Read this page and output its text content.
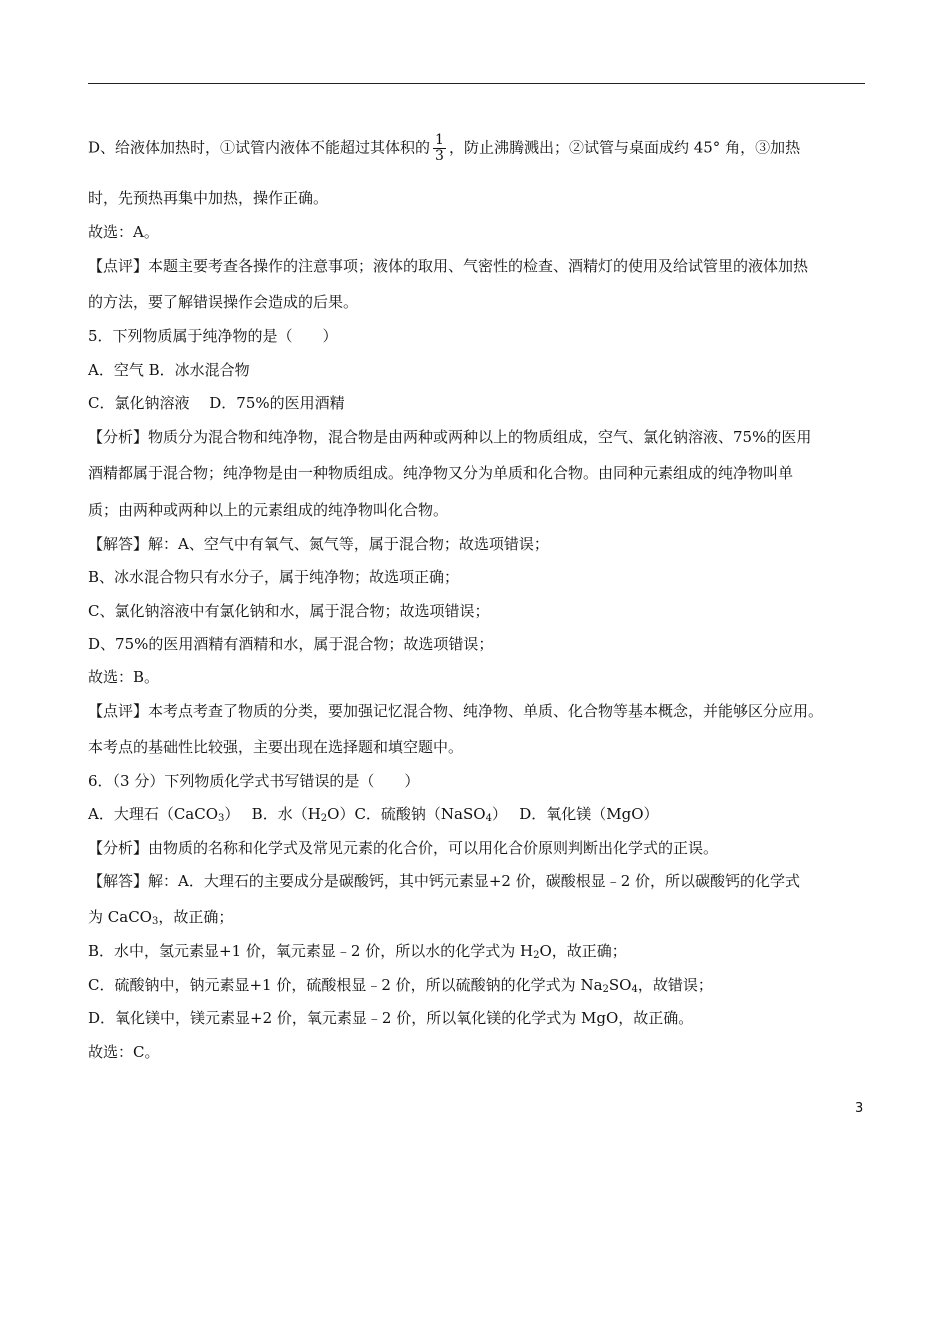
D、给液体加热时，①试管内液体不能超过其体积的 $\frac{1}{3}$ ，防止沸腾溅出；②试管与桌面成约 45° 角，③加热
时，先预热再集中加热，操作正确。
故选：A。
【点评】本题主要考查各操作的注意事项；液体的取用、气密性的检查、酒精灯的使用及给试管里的液体加热
的方法，要了解错误操作会造成的后果。
5．下列物质属于纯净物的是（　　）
A．空气 B．冰水混合物
C．氯化钠溶液　 D．75%的医用酒精
【分析】物质分为混合物和纯净物，混合物是由两种或两种以上的物质组成，空气、氯化钠溶液、75%的医用
酒精都属于混合物；纯净物是由一种物质组成。纯净物又分为单质和化合物。由同种元素组成的纯净物叫单
质；由两种或两种以上的元素组成的纯净物叫化合物。
【解答】解：A、空气中有氧气、氮气等，属于混合物；故选项错误；
B、冰水混合物只有水分子，属于纯净物；故选项正确；
C、氯化钠溶液中有氯化钠和水，属于混合物；故选项错误；
D、75%的医用酒精有酒精和水，属于混合物；故选项错误；
故选：B。
【点评】本考点考查了物质的分类，要加强记忆混合物、纯净物、单质、化合物等基本概念，并能够区分应用。
本考点的基础性比较强，主要出现在选择题和填空题中。
6．（3 分）下列物质化学式书写错误的是（　　）
A．大理石（CaCO$_3$）　 B．水$(H_2O)C$．硫酸钠（NaSO$_4$）　 D．氧化镁（MgO）
【分析】由物质的名称和化学式及常见元素的化合价，可以用化合价原则判断出化学式的正误。
【解答】解：A．大理石的主要成分是碳酸钙，其中钙元素显+2 价，碳酸根显﹣2 价，所以碳酸钙的化学式
为 CaCO$_3$，故正确；
B．水中，氢元素显+1 价，氧元素显﹣2 价，所以水的化学式为 $H_2O$，故正确；
C．硫酸钠中，钠元素显+1 价，硫酸根显﹣2 价，所以硫酸钠的化学式为 $Na_2SO_4$，故错误；
D．氧化镁中，镁元素显+2 价，氧元素显﹣2 价，所以氧化镁的化学式为 MgO，故正确。
故选：C。
3
